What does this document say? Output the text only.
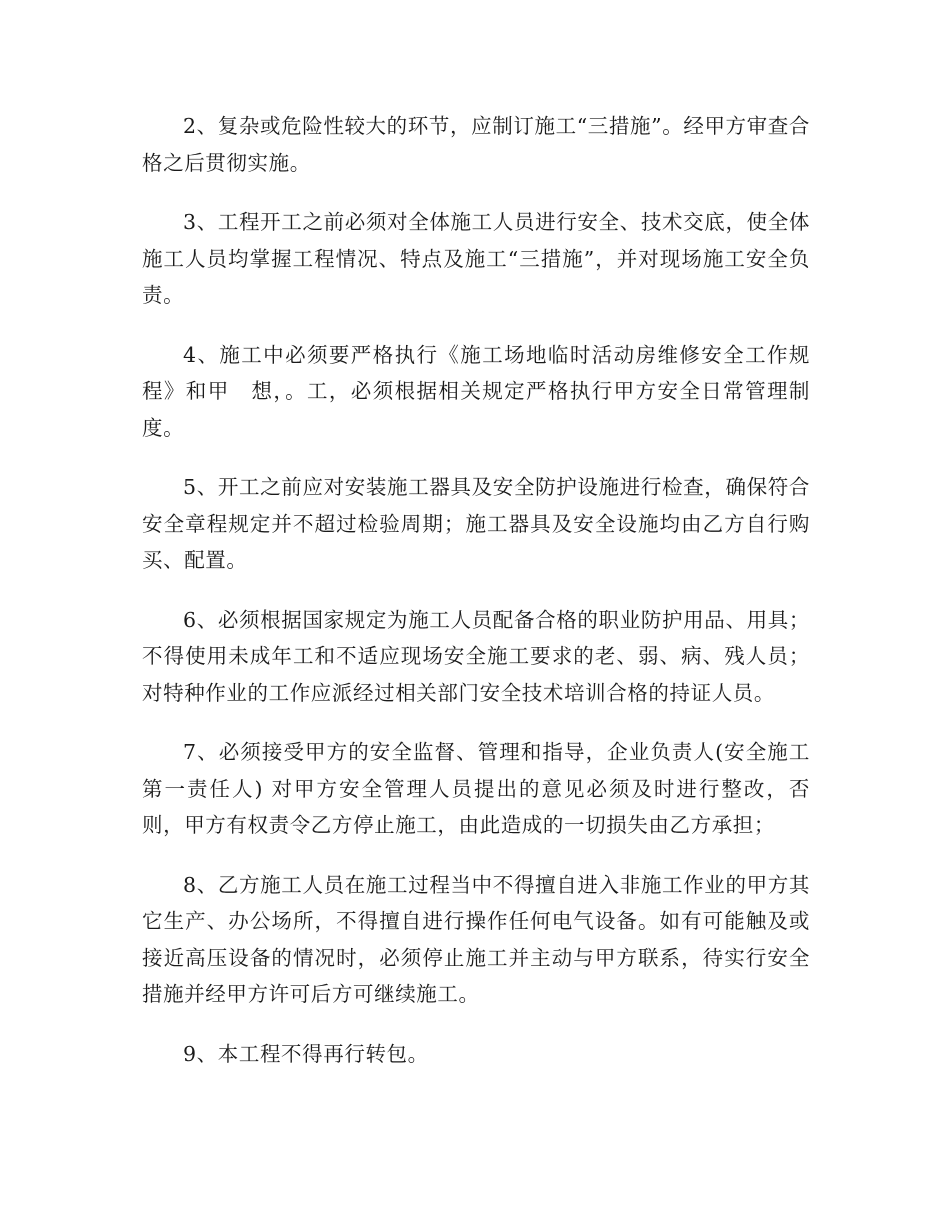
2、复杂或危险性较大的环节，应制订施工“三措施”。经甲方审查合格之后贯彻实施。

3、工程开工之前必须对全体施工人员进行安全、技术交底，使全体施工人员均掌握工程情况、特点及施工“三措施”，并对现场施工安全负责。

4、施工中必须要严格执行《施工场地临时活动房维修安全工作规程》和甲　想，。工，必须根据相关规定严格执行甲方安全日常管理制度。

5、开工之前应对安装施工器具及安全防护设施进行检查，确保符合安全章程规定并不超过检验周期；施工器具及安全设施均由乙方自行购买、配置。

6、必须根据国家规定为施工人员配备合格的职业防护用品、用具；不得使用未成年工和不适应现场安全施工要求的老、弱、病、残人员；对特种作业的工作应派经过相关部门安全技术培训合格的持证人员。

7、必须接受甲方的安全监督、管理和指导，企业负责人(安全施工第一责任人) 对甲方安全管理人员提出的意见必须及时进行整改，否则，甲方有权责令乙方停止施工，由此造成的一切损失由乙方承担；

8、乙方施工人员在施工过程当中不得擅自进入非施工作业的甲方其它生产、办公场所，不得擅自进行操作任何电气设备。如有可能触及或接近高压设备的情况时，必须停止施工并主动与甲方联系，待实行安全措施并经甲方许可后方可继续施工。

9、本工程不得再行转包。
